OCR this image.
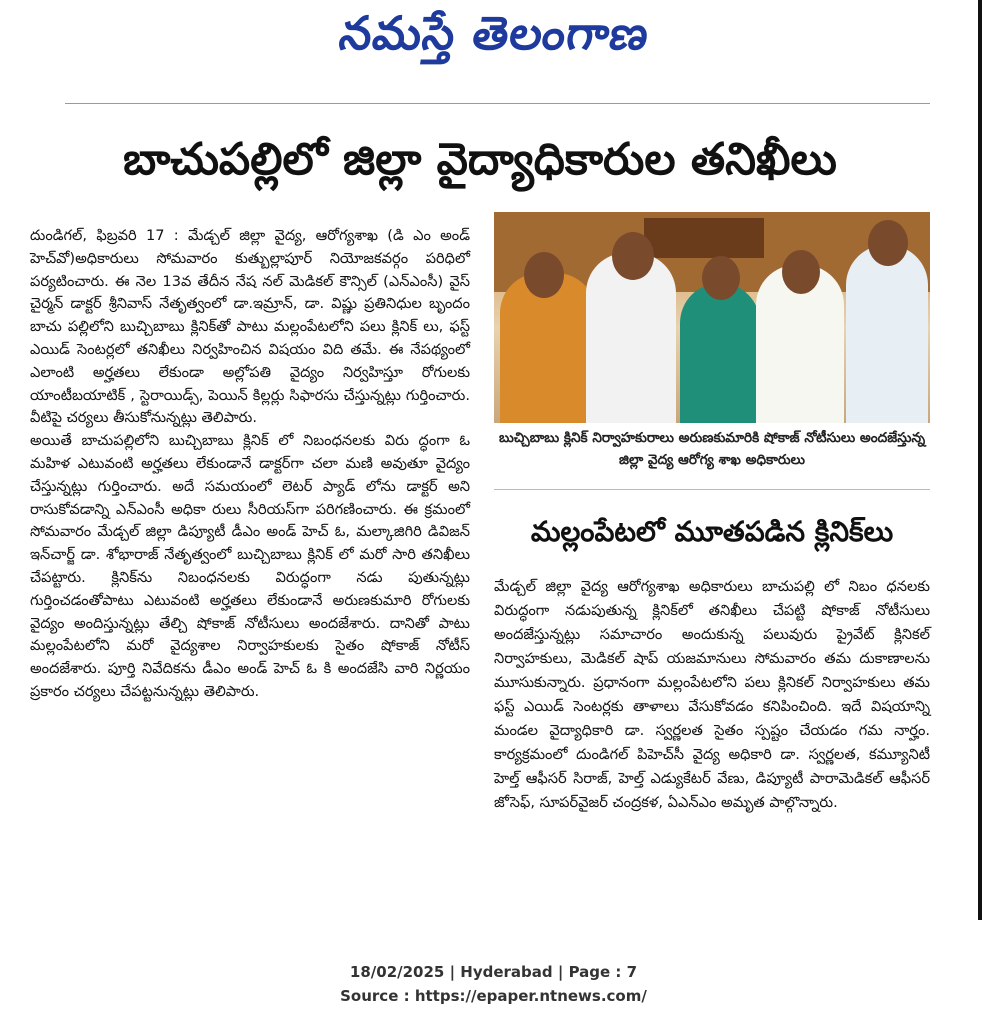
నమస్తే తెలంగాణ
బాచుపల్లిలో జిల్లా వైద్యాధికారుల తనిఖీలు

దుండిగల్, ఫిబ్రవరి 17 : మేడ్చల్ జిల్లా వైద్య, ఆరోగ్యశాఖ (డి ఎం అండ్ హెచ్‌వో)అధికారులు సోమవారం కుత్బుల్లాపూర్ నియోజకవర్గం పరిధిలో పర్యటించారు. ఈ నెల 13వ తేదీన నేష నల్ మెడికల్ కౌన్సిల్ (ఎన్ఎంసీ) వైస్ చైర్మన్ డాక్టర్ శ్రీనివాస్ నేతృత్వంలో డా.ఇమ్రాన్, డా. విష్ణు ప్రతినిధుల బృందం బాచు పల్లిలోని బుచ్చిబాబు క్లినిక్‌తో పాటు మల్లంపేటలోని పలు క్లినిక్ లు, ఫస్ట్ ఎయిడ్ సెంటర్లలో తనిఖీలు నిర్వహించిన విషయం విది తమే. ఈ నేపథ్యంలో ఎలాంటి అర్హతలు లేకుండా అల్లోపతి వైద్యం నిర్వహిస్తూ రోగులకు యాంటీబయాటిక్ , స్టెరాయిడ్స్, పెయిన్ కిల్లర్లు సిఫారసు చేస్తున్నట్లు గుర్తించారు. వీటిపై చర్యలు తీసుకోనున్నట్లు తెలిపారు.

అయితే బాచుపల్లిలోని బుచ్చిబాబు క్లినిక్ లో నిబంధనలకు విరు ద్ధంగా ఓ మహిళ ఎటువంటి అర్హతలు లేకుండానే డాక్టర్‌గా చలా మణి అవుతూ వైద్యం చేస్తున్నట్లు గుర్తించారు. అదే సమయంలో లెటర్ ప్యాడ్ లోను డాక్టర్ అని రాసుకోవడాన్ని ఎన్ఎంసీ అధికా రులు సీరియస్‌గా పరిగణించారు. ఈ క్రమంలో సోమవారం మేడ్చల్ జిల్లా డిప్యూటీ డీఎం అండ్ హెచ్ ఓ, మల్కాజిగిరి డివిజన్ ఇన్‌చార్జ్ డా. శోభారాజ్ నేతృత్వంలో బుచ్చిబాబు క్లినిక్ లో మరో సారి తనిఖీలు చేపట్టారు. క్లినిక్‌ను నిబంధనలకు విరుద్ధంగా నడు పుతున్నట్లు గుర్తించడంతోపాటు ఎటువంటి అర్హతలు లేకుండానే అరుణకుమారి రోగులకు వైద్యం అందిస్తున్నట్లు తేల్చి షోకాజ్ నోటీసులు అందజేశారు. దానితో పాటు మల్లంపేటలోని మరో వైద్యశాల నిర్వాహకులకు సైతం షోకాజ్ నోటీస్ అందజేశారు. పూర్తి నివేదికను డీఎం అండ్ హెచ్ ఓ కి అందజేసి వారి నిర్ణయం ప్రకారం చర్యలు చేపట్టనున్నట్లు తెలిపారు.

బుచ్చిబాబు క్లినిక్ నిర్వాహకురాలు అరుణకుమారికి షోకాజ్ నోటీసులు అందజేస్తున్న జిల్లా వైద్య ఆరోగ్య శాఖ అధికారులు
మల్లంపేటలో మూతపడిన క్లినిక్‌లు

మేడ్చల్ జిల్లా వైద్య ఆరోగ్యశాఖ అధికారులు బాచుపల్లి లో నిబం ధనలకు విరుద్ధంగా నడుపుతున్న క్లినిక్‌లో తనిఖీలు చేపట్టి షోకాజ్ నోటీసులు అందజేస్తున్నట్లు సమాచారం అందుకున్న పలువురు ప్రైవేట్ క్లినికల్ నిర్వాహకులు, మెడికల్ షాప్ యజమానులు సోమవారం తమ దుకాణాలను మూసుకున్నారు. ప్రధానంగా మల్లంపేటలోని పలు క్లినికల్ నిర్వాహకులు తమ ఫస్ట్ ఎయిడ్ సెంటర్లకు తాళాలు వేసుకోవడం కనిపించింది. ఇదే విషయాన్ని మండల వైద్యాధికారి డా. స్వర్ణలత సైతం స్పష్టం చేయడం గమ నార్హం. కార్యక్రమంలో దుండిగల్ పిహెచ్‌సీ వైద్య అధికారి డా. స్వర్ణలత, కమ్యూనిటీ హెల్త్ ఆఫీసర్ సిరాజ్, హెల్త్ ఎడ్యుకేటర్ వేణు, డిప్యూటీ పారామెడికల్ ఆఫీసర్ జోసెఫ్, సూపర్‌వైజర్ చంద్రకళ, ఏఎన్ఎం అమృత పాల్గొన్నారు.

18/02/2025 | Hyderabad | Page : 7
Source : https://epaper.ntnews.com/
